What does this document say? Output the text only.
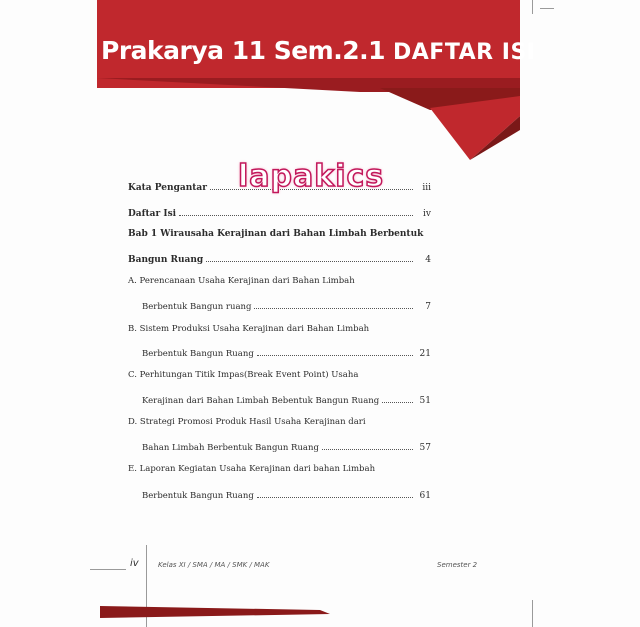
Prakarya 11 Sem.2.1 DAFTAR ISI
Kata Pengantar	iii
Daftar Isi	iv
Bab 1 Wirausaha Kerajinan dari Bahan Limbah Berbentuk
Bangun Ruang	4
A. Perencanaan Usaha Kerajinan dari Bahan Limbah
Berbentuk Bangun ruang	7
B. Sistem Produksi Usaha Kerajinan dari Bahan Limbah
Berbentuk Bangun Ruang	21
C. Perhitungan Titik Impas(Break Event Point) Usaha
Kerajinan dari Bahan Limbah Bebentuk Bangun Ruang	51
D. Strategi Promosi Produk Hasil Usaha Kerajinan dari
Bahan Limbah Berbentuk Bangun Ruang	57
E. Laporan Kegiatan Usaha Kerajinan dari bahan Limbah
Berbentuk Bangun Ruang	61
lapakics
iv	Kelas XI / SMA / MA / SMK / MAK	Semester 2
